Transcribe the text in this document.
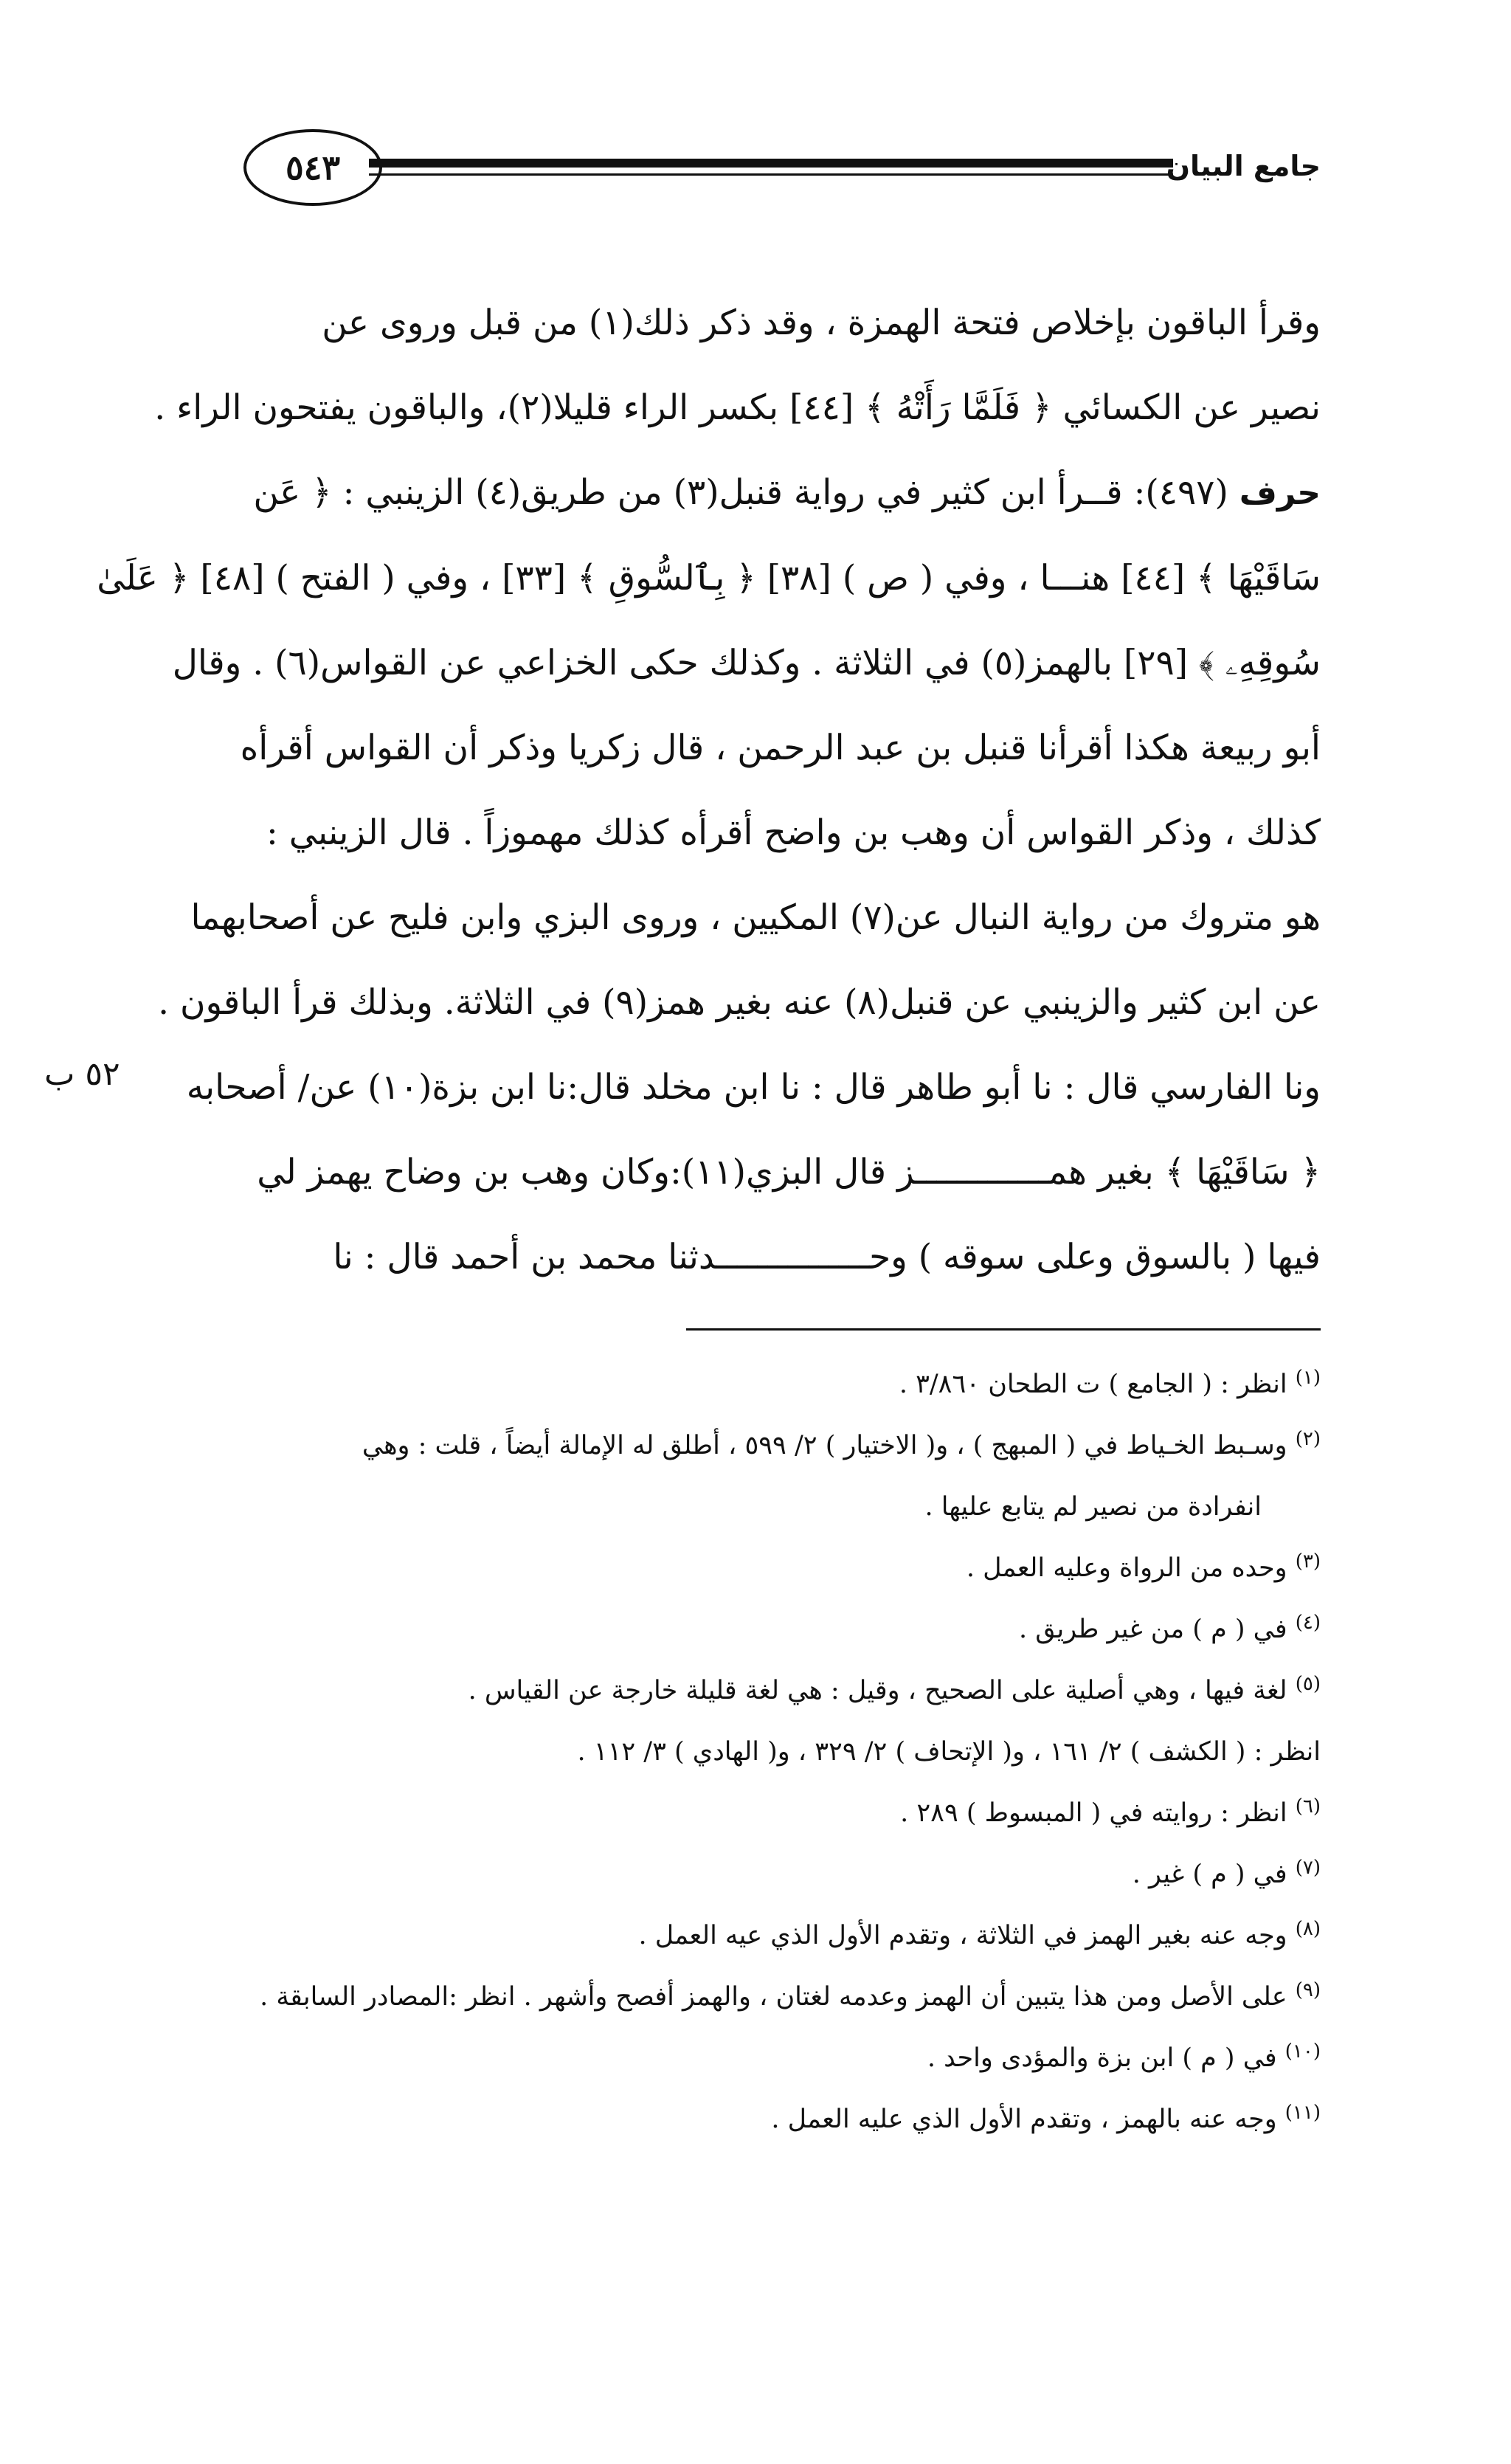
٥٤٣	جامع البيان
٥٢ ب
وقرأ الباقون بإخلاص فتحة الهمزة ، وقد ذكر ذلك(١) من قبل وروى عن
نصير عن الكسائي ﴿ فَلَمَّا رَأَتْهُ ﴾ [٤٤] بكسر الراء قليلا(٢)، والباقون يفتحون الراء .
حرف (٤٩٧): قــرأ ابن كثير في رواية قنبل(٣) من طريق(٤) الزينبي : ﴿ عَن
سَاقَيْهَا ﴾ [٤٤] هنـــا ، وفي ( ص ) [٣٨] ﴿ بِٱلسُّوقِ ﴾ [٣٣] ، وفي ( الفتح ) [٤٨] ﴿ عَلَىٰ
سُوقِهِۦ ﴾ [٢٩] بالهمز(٥) في الثلاثة . وكذلك حكى الخزاعي عن القواس(٦) . وقال
أبو ربيعة هكذا أقرأنا قنبل بن عبد الرحمن ، قال زكريا وذكر أن القواس أقرأه
كذلك ، وذكر القواس أن وهب بن واضح أقرأه كذلك مهموزاً . قال الزينبي :
هو متروك من رواية النبال عن(٧) المكيين ، وروى البزي وابن فليح عن أصحابهما
عن ابن كثير والزينبي عن قنبل(٨) عنه بغير همز(٩) في الثلاثة. وبذلك قرأ الباقون .
ونا الفارسي قال : نا أبو طاهر قال : نا ابن مخلد قال:نا ابن بزة(١٠) عن/ أصحابه
﴿ سَاقَيْهَا ﴾ بغير همـــــــــــــز قال البزي(١١):وكان وهب بن وضاح يهمز لي
فيها ( بالسوق وعلى سوقه ) وحـــــــــــــــدثنا محمد بن أحمد قال : نا
$^{(١)}$ انظر : ( الجامع ) ت الطحان ٣/٨٦٠ .
$^{(٢)}$ وسـبط الخـياط في ( المبهج ) ، و( الاختيار ) ٢/ ٥٩٩ ، أطلق له الإمالة أيضاً ، قلت : وهي
انفرادة من نصير لم يتابع عليها .
$^{(٣)}$ وحده من الرواة وعليه العمل .
$^{(٤)}$ في ( م ) من غير طريق .
$^{(٥)}$ لغة فيها ، وهي أصلية على الصحيح ، وقيل : هي لغة قليلة خارجة عن القياس .
انظر : ( الكشف ) ٢/ ١٦١ ، و( الإتحاف ) ٢/ ٣٢٩ ، و( الهادي ) ٣/ ١١٢ .
$^{(٦)}$ انظر : روايته في ( المبسوط ) ٢٨٩ .
$^{(٧)}$ في ( م ) غير .
$^{(٨)}$ وجه عنه بغير الهمز في الثلاثة ، وتقدم الأول الذي عيه العمل .
$^{(٩)}$ على الأصل ومن هذا يتبين أن الهمز وعدمه لغتان ، والهمز أفصح وأشهر . انظر :المصادر السابقة .
$^{(١٠)}$ في ( م ) ابن بزة والمؤدى واحد .
$^{(١١)}$ وجه عنه بالهمز ، وتقدم الأول الذي عليه العمل .
